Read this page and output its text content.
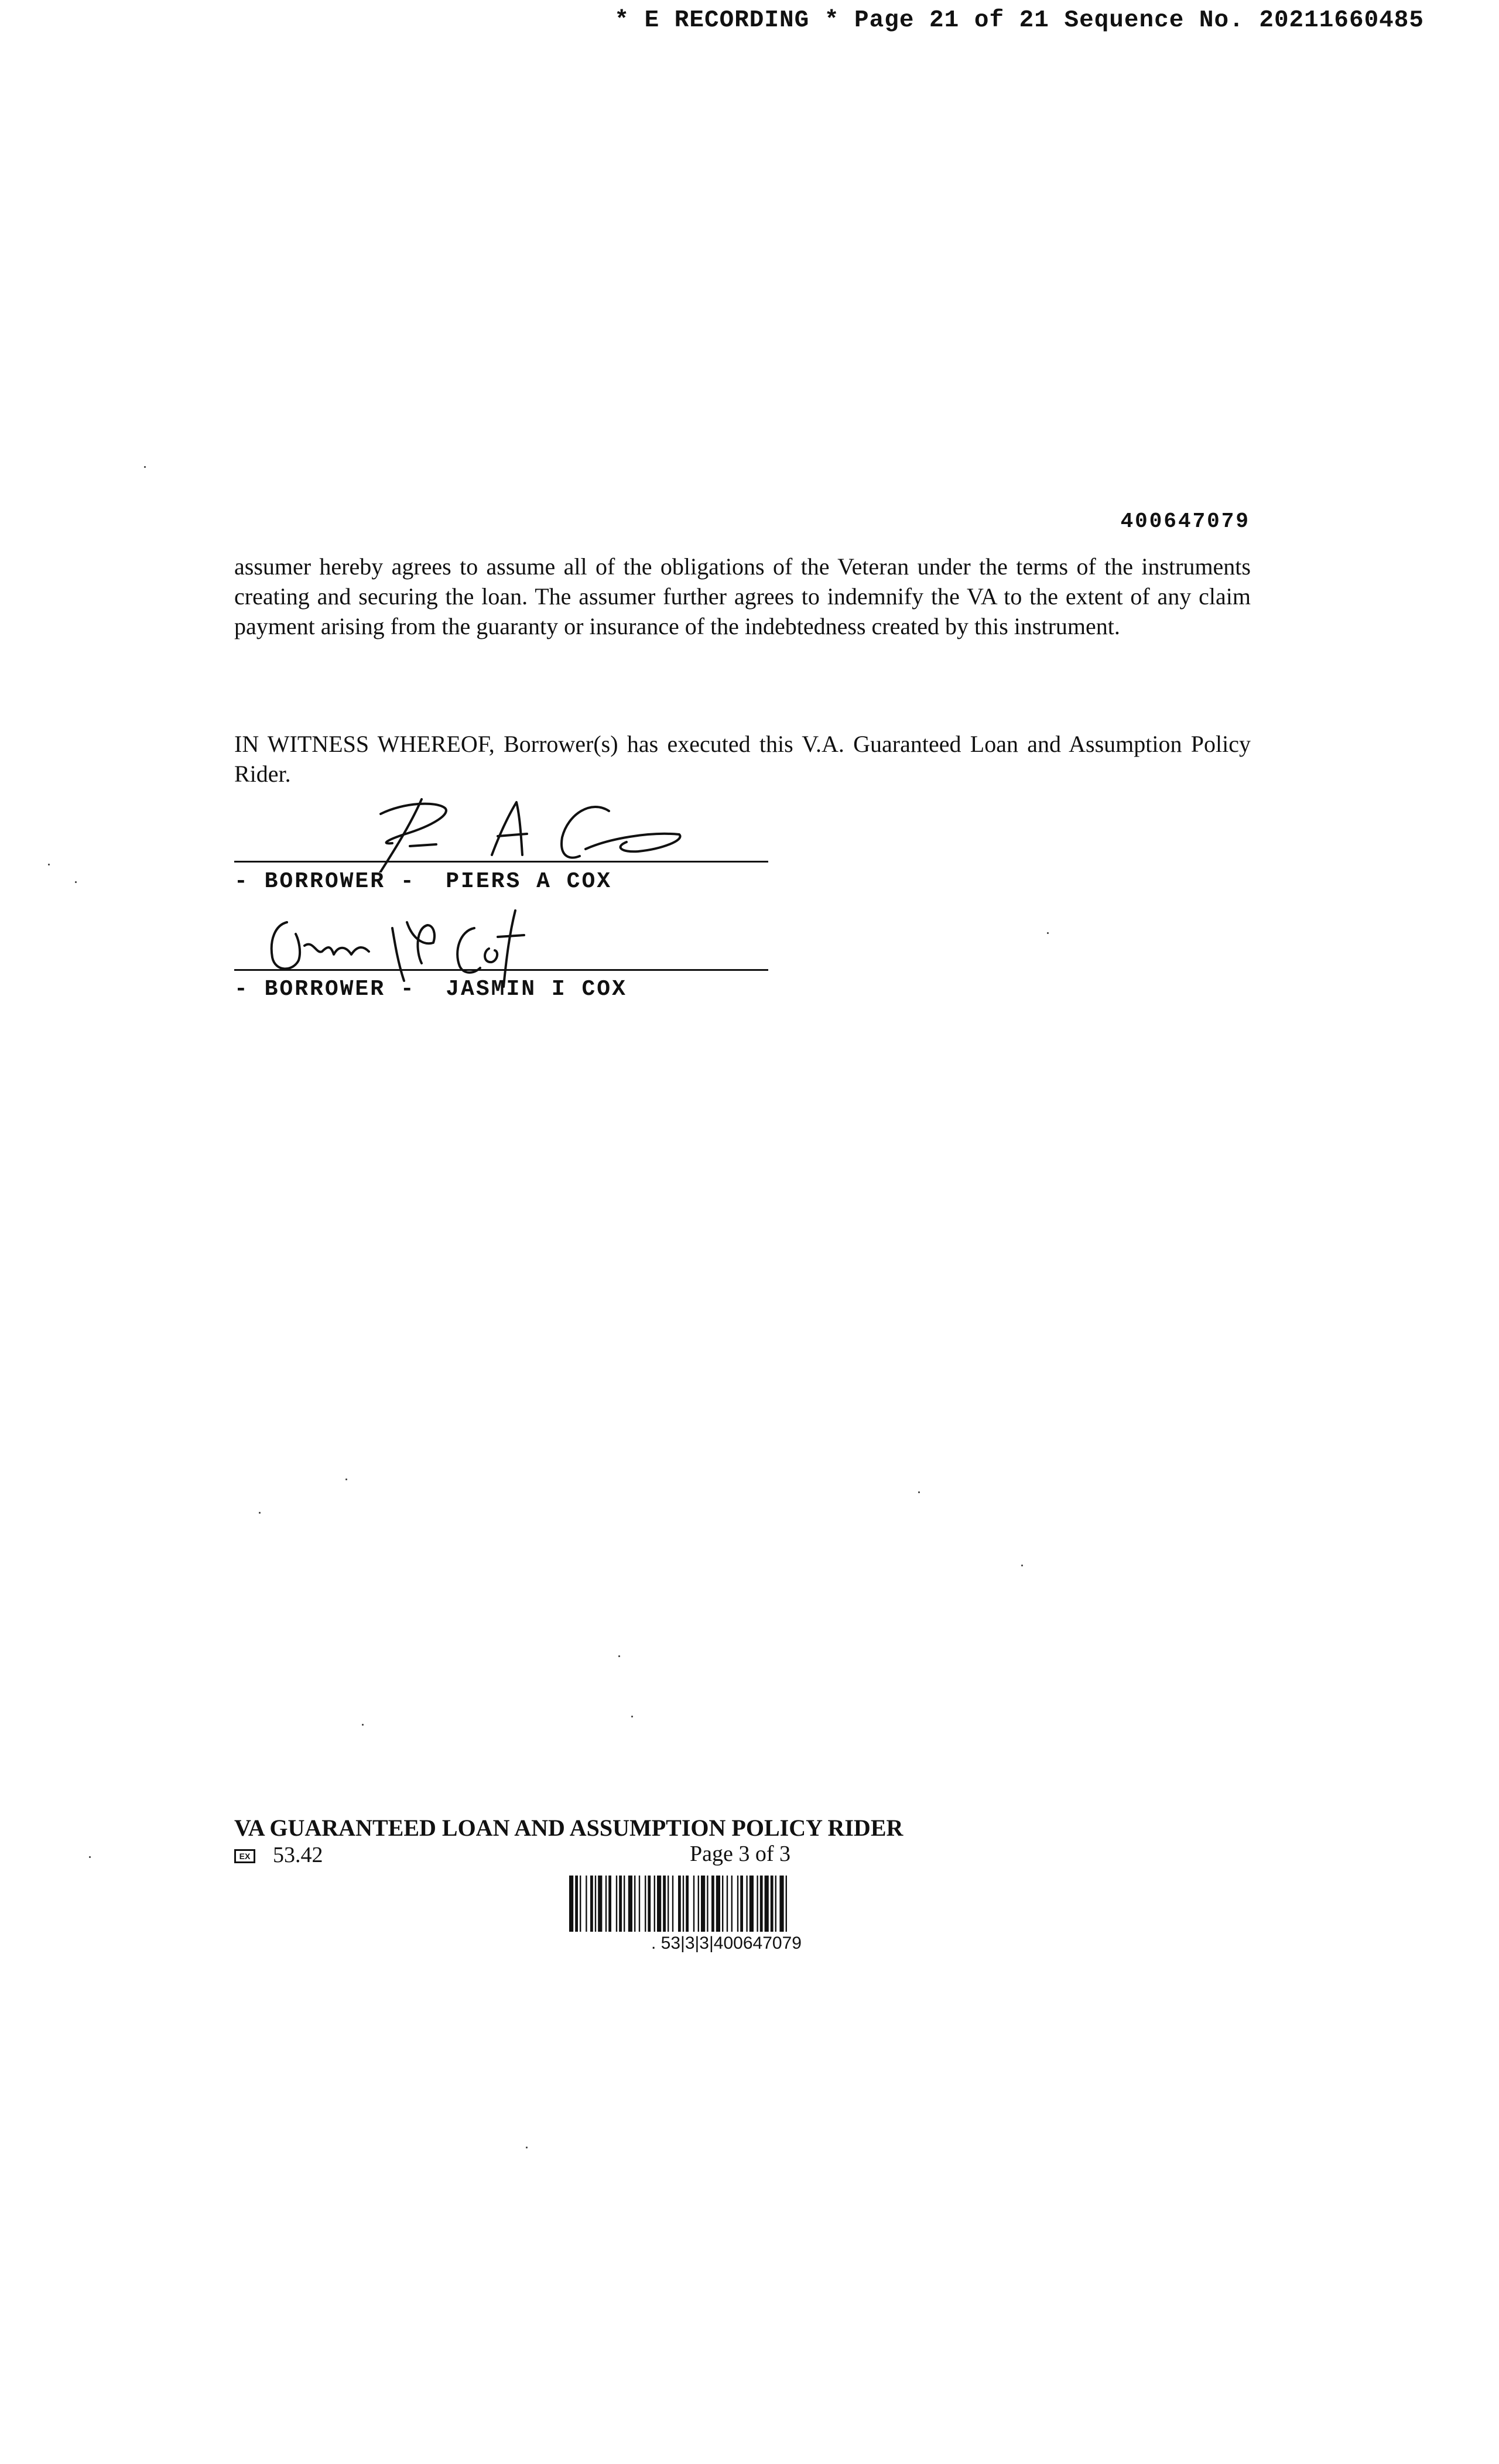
* E RECORDING * Page 21 of 21 Sequence No. 20211660485
400647079

assumer hereby agrees to assume all of the obligations of the Veteran under the terms of the instruments creating and securing the loan. The assumer further agrees to indemnify the VA to the extent of any claim payment arising from the guaranty or insurance of the indebtedness created by this instrument.

IN WITNESS WHEREOF, Borrower(s) has executed this V.A. Guaranteed Loan and Assumption Policy Rider.

- BORROWER -  PIERS A COX
- BORROWER -  JASMIN I COX
VA GUARANTEED LOAN AND ASSUMPTION POLICY RIDER
EX 53.42	Page 3 of 3
. 53|3|3|400647079
